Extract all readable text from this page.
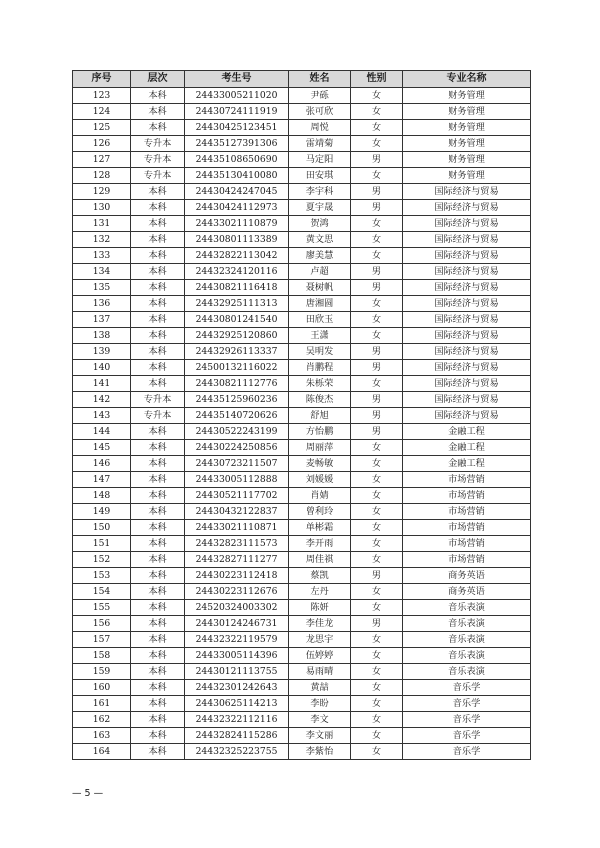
序号	层次	考生号	姓名	性别	专业名称
123	本科	24433005211020	尹砾	女	财务管理
124	本科	24430724111919	张可欣	女	财务管理
125	本科	24430425123451	周悦	女	财务管理
126	专升本	24435127391306	雷靖菊	女	财务管理
127	专升本	24435108650690	马定阳	男	财务管理
128	专升本	24435130410080	田安琪	女	财务管理
129	本科	24430424247045	李宇科	男	国际经济与贸易
130	本科	24430424112973	夏宇晟	男	国际经济与贸易
131	本科	24433021110879	贺鸿	女	国际经济与贸易
132	本科	24430801113389	黄文思	女	国际经济与贸易
133	本科	24432822113042	廖美慧	女	国际经济与贸易
134	本科	24432324120116	卢超	男	国际经济与贸易
135	本科	24430821116418	聂树帆	男	国际经济与贸易
136	本科	24432925111313	唐湘圆	女	国际经济与贸易
137	本科	24430801241540	田欣玉	女	国际经济与贸易
138	本科	24432925120860	王潇	女	国际经济与贸易
139	本科	24432926113337	吴明发	男	国际经济与贸易
140	本科	24500132116022	肖鹏程	男	国际经济与贸易
141	本科	24430821112776	朱栎荣	女	国际经济与贸易
142	专升本	24435125960236	陈俊杰	男	国际经济与贸易
143	专升本	24435140720626	舒旭	男	国际经济与贸易
144	本科	24430522243199	方怡鹏	男	金融工程
145	本科	24430224250856	周丽萍	女	金融工程
146	本科	24430723211507	麦畅敏	女	金融工程
147	本科	24433005112888	刘媛媛	女	市场营销
148	本科	24430521117702	肖婧	女	市场营销
149	本科	24430432122837	曾利玲	女	市场营销
150	本科	24433021110871	单彬霜	女	市场营销
151	本科	24432823111573	李开雨	女	市场营销
152	本科	24432827111277	周佳祺	女	市场营销
153	本科	24430223112418	蔡凯	男	商务英语
154	本科	24430223112676	左丹	女	商务英语
155	本科	24520324003302	陈妍	女	音乐表演
156	本科	24430124246731	李佳龙	男	音乐表演
157	本科	24432322119579	龙思宇	女	音乐表演
158	本科	24433005114396	伍婷婷	女	音乐表演
159	本科	24430121113755	易雨晴	女	音乐表演
160	本科	24432301242643	黄喆	女	音乐学
161	本科	24430625114213	李盼	女	音乐学
162	本科	24432322112116	李文	女	音乐学
163	本科	24432824115286	李文丽	女	音乐学
164	本科	24432325223755	李紫怡	女	音乐学
— 5 —
